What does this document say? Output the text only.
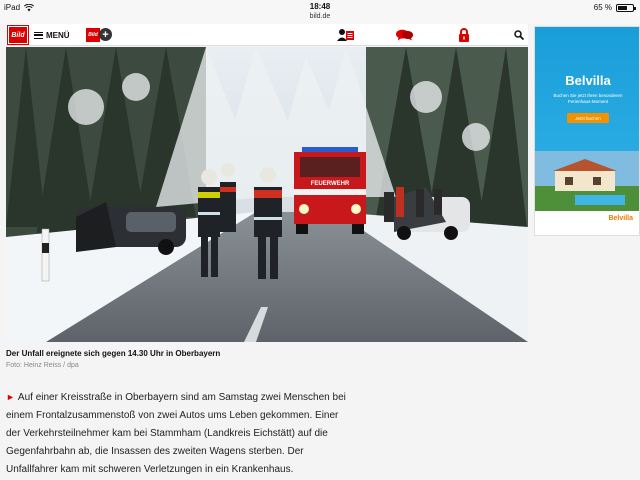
iPad	18:48
bild.de
65 %
Bild	MENÜ	Bild +
FEUERWEHR
Der Unfall ereignete sich gegen 14.30 Uhr in Oberbayern
Foto: Heinz Reiss / dpa
► Auf einer Kreisstraße in Oberbayern sind am Samstag zwei Menschen bei einem Frontalzusammenstoß von zwei Autos ums Leben gekommen. Einer der Verkehrsteilnehmer kam bei Stammham (Landkreis Eichstätt) auf die Gegenfahrbahn ab, die Insassen des zweiten Wagens sterben. Der Unfallfahrer kam mit schweren Verletzungen in ein Krankenhaus.
Belvilla
Buchen Sie jetzt Ihren besonderen Ferienhaus-Moment
Jetzt buchen
Belvilla
